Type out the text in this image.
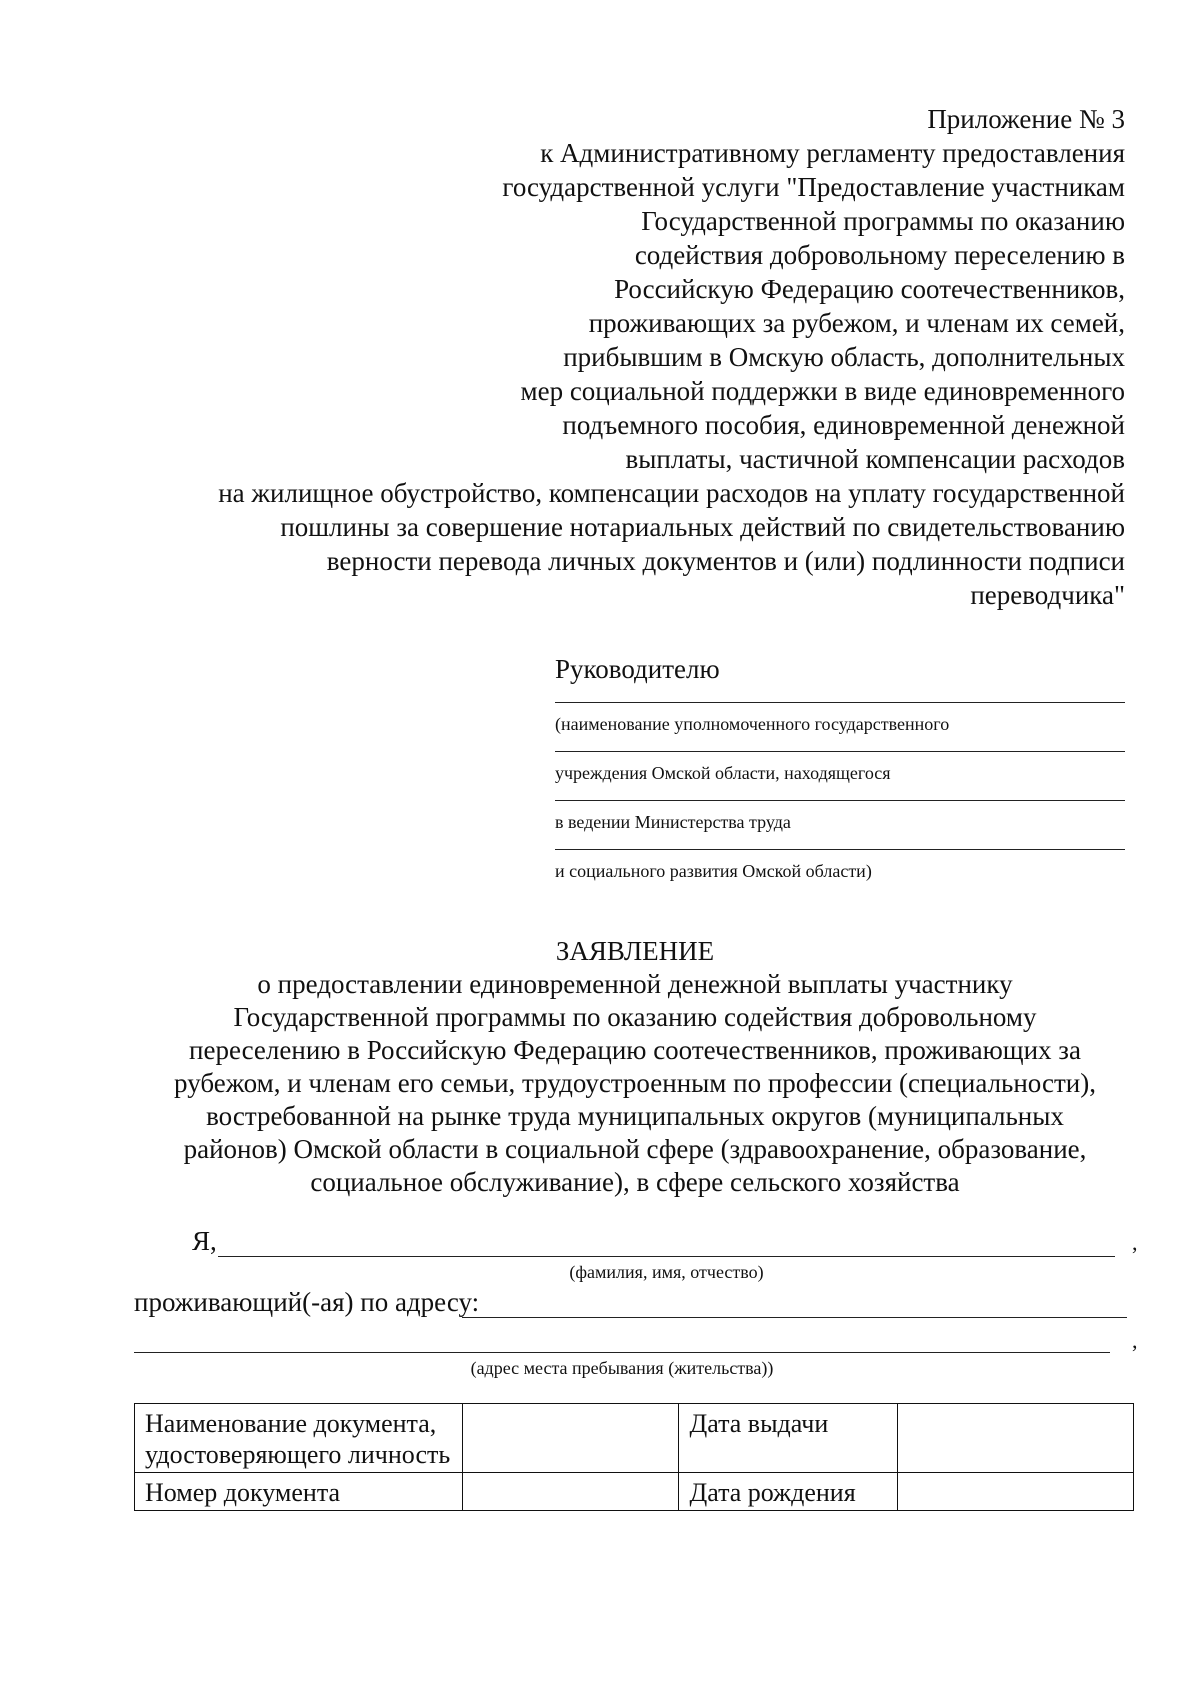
Приложение № 3
к Административному регламенту предоставления
государственной услуги "Предоставление участникам
Государственной программы по оказанию
содействия добровольному переселению в
Российскую Федерацию соотечественников,
проживающих за рубежом, и членам их семей,
прибывшим в Омскую область, дополнительных
мер социальной поддержки в виде единовременного
подъемного пособия, единовременной денежной
выплаты, частичной компенсации расходов
на жилищное обустройство, компенсации расходов на уплату государственной
пошлины за совершение нотариальных действий по свидетельствованию
верности перевода личных документов и (или) подлинности подписи
переводчика"
Руководителю
(наименование уполномоченного государственного
учреждения Омской области, находящегося
в ведении Министерства труда
и социального развития Омской области)
ЗАЯВЛЕНИЕ
о предоставлении единовременной денежной выплаты участнику
Государственной программы по оказанию содействия добровольному
переселению в Российскую Федерацию соотечественников, проживающих за
рубежом, и членам его семьи, трудоустроенным по профессии (специальности),
востребованной на рынке труда муниципальных округов (муниципальных
районов) Омской области в социальной сфере (здравоохранение, образование,
социальное обслуживание), в сфере сельского хозяйства
Я,	,
(фамилия, имя, отчество)
проживающий(-ая) по адресу:
,
(адрес места пребывания (жительства))
Наименование документа, удостоверяющего личность		Дата выдачи	
Номер документа		Дата рождения	
